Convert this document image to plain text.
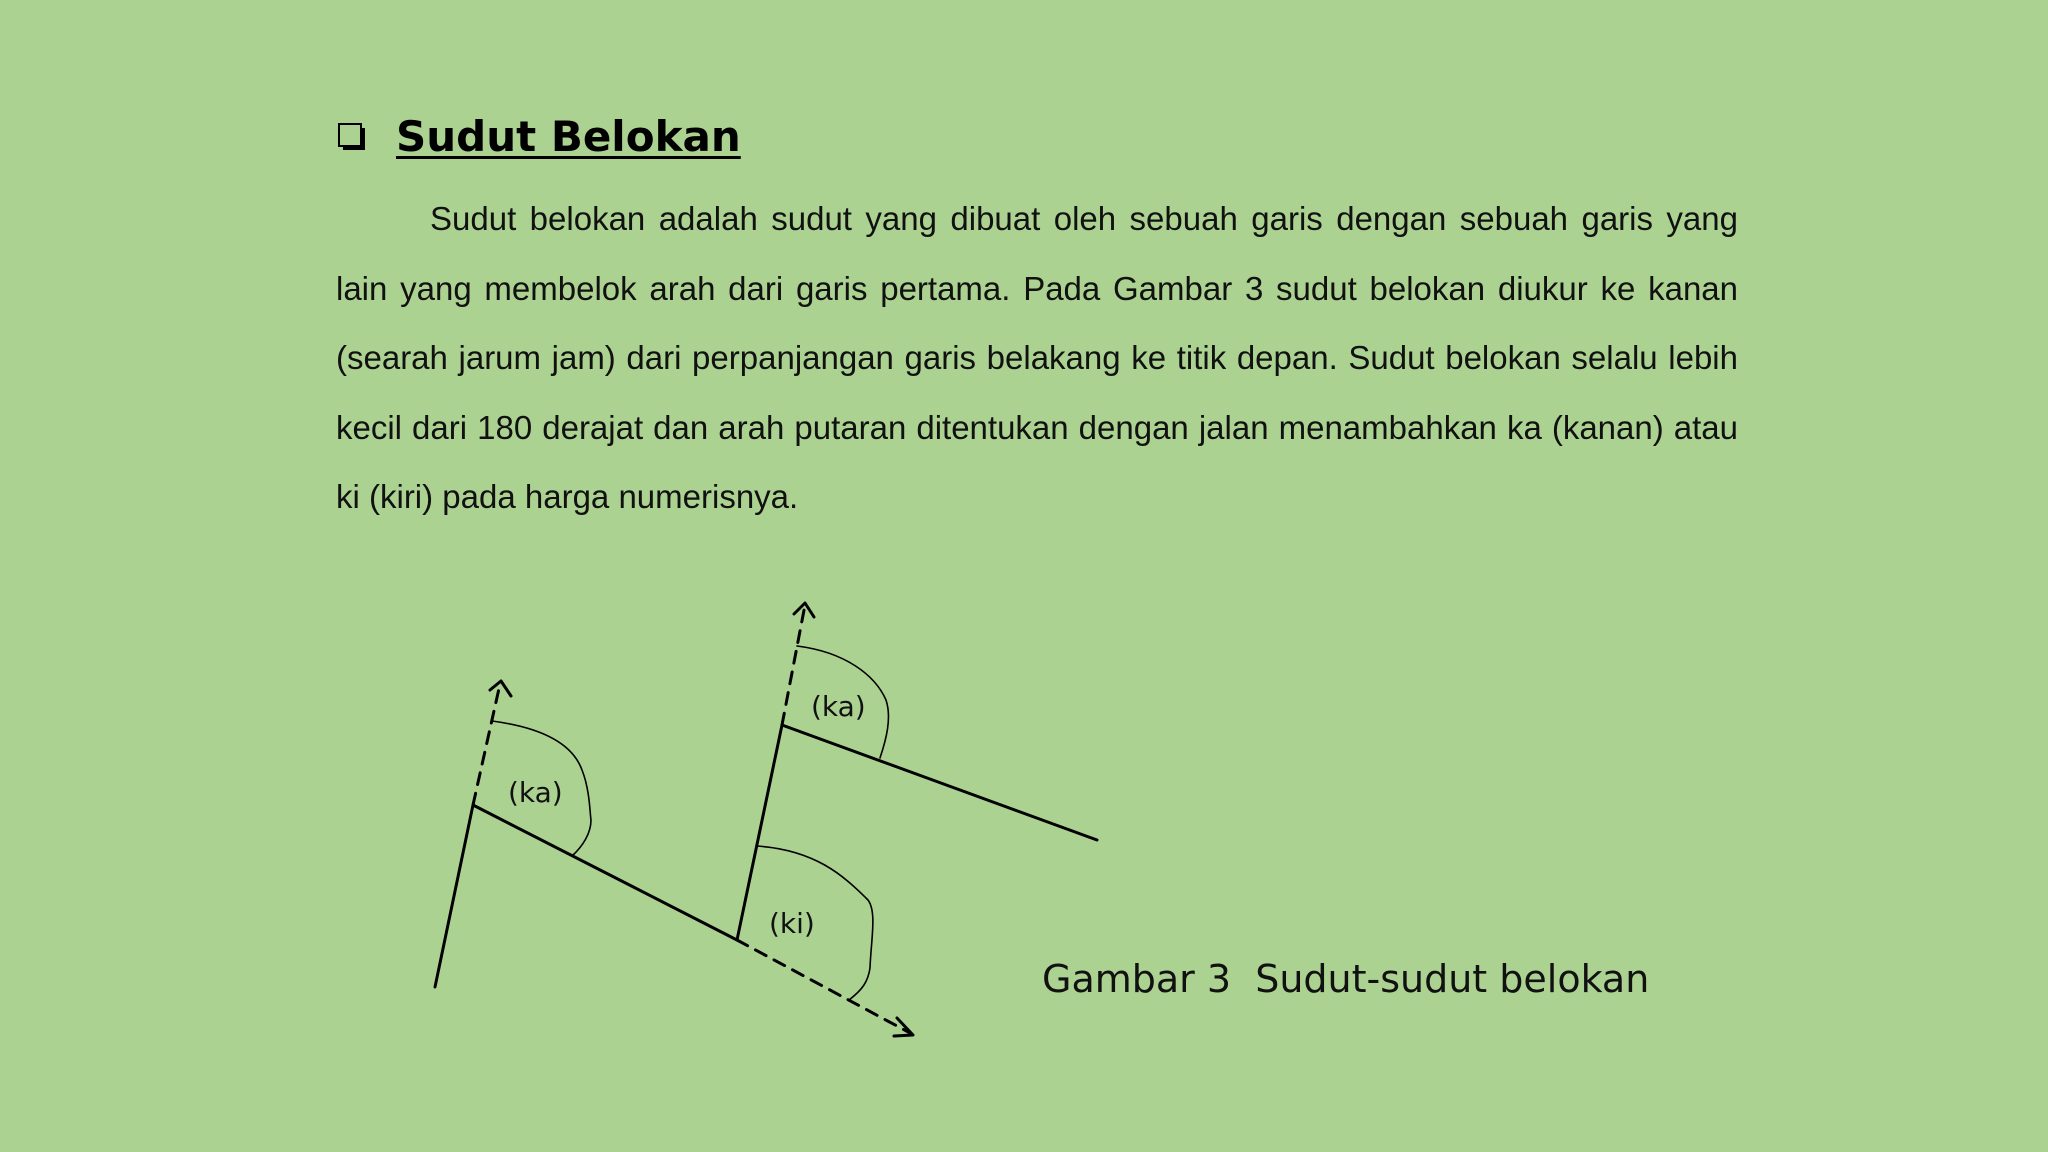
Sudut Belokan

Sudut belokan adalah sudut yang dibuat oleh sebuah garis dengan sebuah garis yang lain yang membelok arah dari garis pertama. Pada Gambar 3 sudut belokan diukur ke kanan (searah jarum jam) dari perpanjangan garis belakang ke titik depan. Sudut belokan selalu lebih kecil dari 180 derajat dan arah putaran ditentukan dengan jalan menambahkan ka (kanan) atau ki (kiri) pada harga numerisnya.

(ka)
(ki)
(ka)
Gambar 3  Sudut-sudut belokan
